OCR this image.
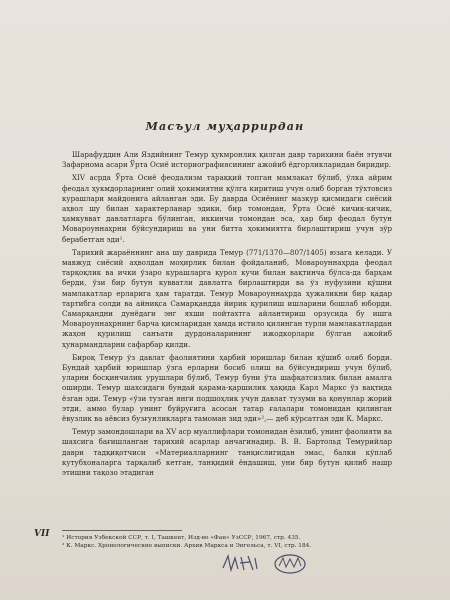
Масъул муҳаррирдан

Шарафуддин Али Яздийнинг Темур ҳукмронлик қилган давр тарихини баён этувчи Зафарнома асари Ўрта Осиё историографиясининг ажойиб ёдгорликларидан биридир.

XIV асрда Ўрта Осиё феодализм тараққий топган мамлакат бўлиб, ўлка айрим феодал ҳукмдорларнинг олий ҳокимиятни қўлга киритиш учун олиб борган тўхтовсиз курашлари майдонига айланган эди. Бу даврда Осиёнинг мазкур қисмидаги сиёсий аҳвол шу билан характерланар эдики, бир томондан, Ўрта Осиё кичик-кичик, ҳамкувват давлатларга бўлинган, иккинчи томондан эса, ҳар бир феодал бутун Мовароуннаҳрни бўйсундириш ва уни битта ҳокимиятга бирлаштириш учун зўр берабетган эди¹.

Тарихий жараённинг ана шу даврида Темур (771/1370—807/1405) юзага келади. У мавжуд сиёсий аҳволдан моҳирлик билан фойдаланиб, Мовароуннаҳрда феодал тарқоқлик ва ички ўзаро курашларга қурол кучи билан вақтинча бўлса-да барҳам берди, ўзи бир бутун кувватли давлатга бирлаштирди ва ўз нуфузини қўшни мамлакатлар ерларига ҳам таратди. Темур Мовароуннаҳрда ҳужаликни бир қадар тартибга солди ва айниқса Самарқандда йирик қурилиш ишларини бошлаб юборди. Самарқандни дунёдаги энг яхши пойтахтга айлантириш орзусида бу ишга Мовароуннаҳрнинг барча қисмларидан ҳамда истило қилинган турли мамлакатлардан жаҳон қурилиш санъати дурдоналарининг ижодкорлари бўлган ажойиб ҳунармандларни сафарбар қилди.

Бироқ Темур ўз давлат фаолиятини ҳарбий юришлар билан қўшиб олиб борди. Бундай ҳарбий юришлар ўзга ерларни босиб олиш ва бўйсундириш учун бўлиб, уларни босқинчилик урушлари бўлиб, Темур буни ўта шафқатсизлик билан амалга оширди. Темур шахсидаги бундай қарама-қаршилик ҳақида Карл Маркс ўз вақтида ёзган эди. Темур «ўзи тузган янги подшоҳлик учун давлат тузуми ва қонунлар жорий этди, аммо булар унинг буйруғига асосан татар ғалалари томонидан қилинган ёвузлик ва аёвсиз бузғунликларга тамоман зид эди»²,— деб кўрсатган эди К. Маркс.

Темур замондошлари ва XV аср муаллифлари томонидан ёзилиб, унинг фаолияти ва шахсига бағишланган тарихий асарлар анчагинадир. В. В. Бартольд Темурийлар даври тадқиқотчиси «Материалларнинг танқислигидан эмас, балки кўплаб кутубхоналарга тарқалиб кетган, танқидий ёндашиш, уни бир бутун қилиб нашр этишни тақозо этадиган

VII ¹ История Узбекской ССР, т. I, Ташкент, Изд-во «Фан» УзССР, 1967, стр. 435.
² К. Маркс. Хронологические выписки. Архив Маркса и Энгельса, т. VI, стр. 184.
